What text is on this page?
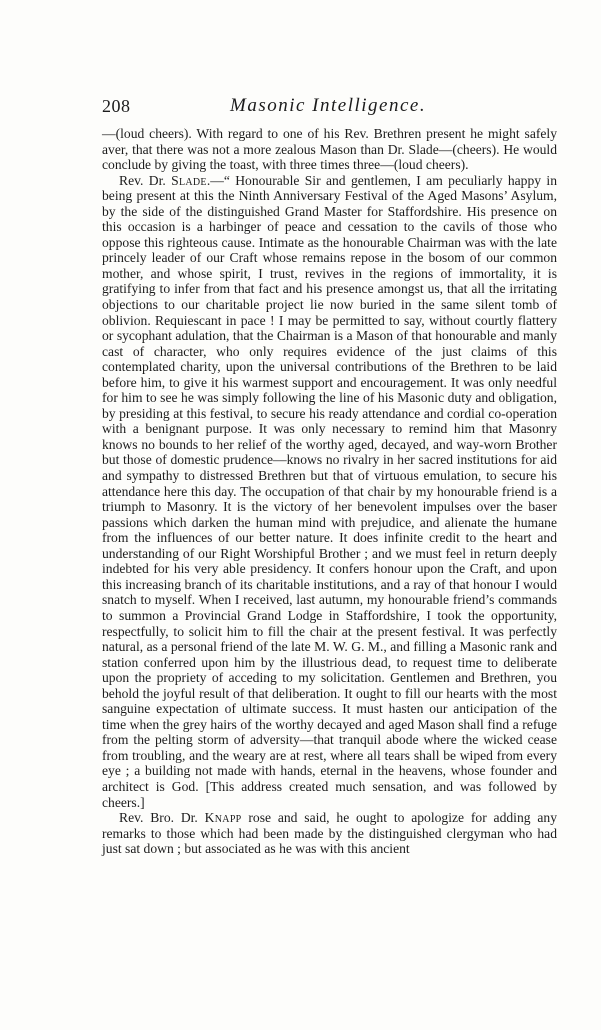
208	Masonic Intelligence.

—(loud cheers). With regard to one of his Rev. Brethren present he might safely aver, that there was not a more zealous Mason than Dr. Slade—(cheers). He would conclude by giving the toast, with three times three—(loud cheers).

Rev. Dr. Slade.—“ Honourable Sir and gentlemen, I am peculiarly happy in being present at this the Ninth Anniversary Festival of the Aged Masons’ Asylum, by the side of the distinguished Grand Master for Staffordshire. His presence on this occasion is a harbinger of peace and cessation to the cavils of those who oppose this righteous cause. Intimate as the honourable Chairman was with the late princely leader of our Craft whose remains repose in the bosom of our common mother, and whose spirit, I trust, revives in the regions of immortality, it is gratifying to infer from that fact and his presence amongst us, that all the irritating objections to our charitable project lie now buried in the same silent tomb of oblivion. Requiescant in pace ! I may be permitted to say, without courtly flattery or sycophant adulation, that the Chairman is a Mason of that honourable and manly cast of character, who only requires evidence of the just claims of this contemplated charity, upon the universal contributions of the Brethren to be laid before him, to give it his warmest support and encouragement. It was only needful for him to see he was simply following the line of his Masonic duty and obligation, by presiding at this festival, to secure his ready attendance and cordial co-operation with a benignant purpose. It was only necessary to remind him that Masonry knows no bounds to her relief of the worthy aged, decayed, and way-worn Brother but those of domestic prudence—knows no rivalry in her sacred institutions for aid and sympathy to distressed Brethren but that of virtuous emulation, to secure his attendance here this day. The occupation of that chair by my honourable friend is a triumph to Masonry. It is the victory of her benevolent impulses over the baser passions which darken the human mind with prejudice, and alienate the humane from the influences of our better nature. It does infinite credit to the heart and understanding of our Right Worshipful Brother ; and we must feel in return deeply indebted for his very able presidency. It confers honour upon the Craft, and upon this increasing branch of its charitable institutions, and a ray of that honour I would snatch to myself. When I received, last autumn, my honourable friend’s commands to summon a Provincial Grand Lodge in Staffordshire, I took the opportunity, respectfully, to solicit him to fill the chair at the present festival. It was perfectly natural, as a personal friend of the late M. W. G. M., and filling a Masonic rank and station conferred upon him by the illustrious dead, to request time to deliberate upon the propriety of acceding to my solicitation. Gentlemen and Brethren, you behold the joyful result of that deliberation. It ought to fill our hearts with the most sanguine expectation of ultimate success. It must hasten our anticipation of the time when the grey hairs of the worthy decayed and aged Mason shall find a refuge from the pelting storm of adversity—that tranquil abode where the wicked cease from troubling, and the weary are at rest, where all tears shall be wiped from every eye ; a building not made with hands, eternal in the heavens, whose founder and architect is God. [This address created much sensation, and was followed by cheers.]

Rev. Bro. Dr. Knapp rose and said, he ought to apologize for adding any remarks to those which had been made by the distinguished clergyman who had just sat down ; but associated as he was with this ancient
